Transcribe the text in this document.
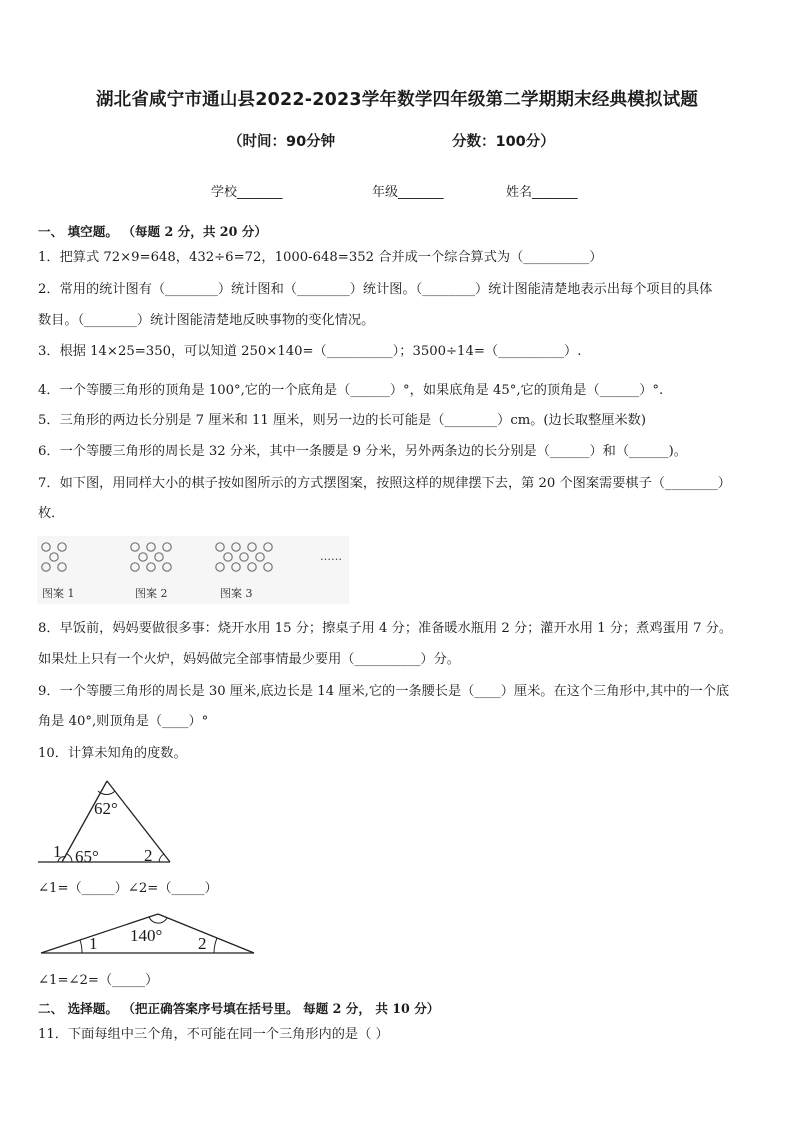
湖北省咸宁市通山县2022-2023学年数学四年级第二学期期末经典模拟试题
（时间：90分钟	分数：100分）
学校_______	年级_______	姓名_______
一、 填空题。 （每题 2 分，共 20 分）
1．把算式 72×9=648，432÷6=72，1000-648=352 合并成一个综合算式为（__________）
2．常用的统计图有（________）统计图和（________）统计图。（________）统计图能清楚地表示出每个项目的具体
数目。（________）统计图能清楚地反映事物的变化情况。
3．根据 14×25=350，可以知道 250×140=（__________）；3500÷14=（__________）.
4．一个等腰三角形的顶角是 100°,它的一个底角是（______）°，如果底角是 45°,它的顶角是（______）°.
5．三角形的两边长分别是 7 厘米和 11 厘米，则另一边的长可能是（________）cm。(边长取整厘米数)
6．一个等腰三角形的周长是 32 分米，其中一条腰是 9 分米，另外两条边的长分别是（______）和（______)。
7．如下图，用同样大小的棋子按如图所示的方式摆图案，按照这样的规律摆下去，第 20 个图案需要棋子（________）
枚．
图案 1	图案 2	图案 3
……
8．早饭前，妈妈要做很多事：烧开水用 15 分；擦桌子用 4 分；准备暖水瓶用 2 分；灌开水用 1 分；煮鸡蛋用 7 分。
如果灶上只有一个火炉，妈妈做完全部事情最少要用（__________）分。
9．一个等腰三角形的周长是 30 厘米,底边长是 14 厘米,它的一条腰长是（____）厘米。在这个三角形中,其中的一个底
角是 40°,则顶角是（____）°
10．计算未知角的度数。
62°
65°
1	2
∠1=（_____）∠2=（_____）
140°
1	2
∠1=∠2=（_____）
二、 选择题。 （把正确答案序号填在括号里。 每题 2 分， 共 10 分）
11．下面每组中三个角，不可能在同一个三角形内的是（ ）
